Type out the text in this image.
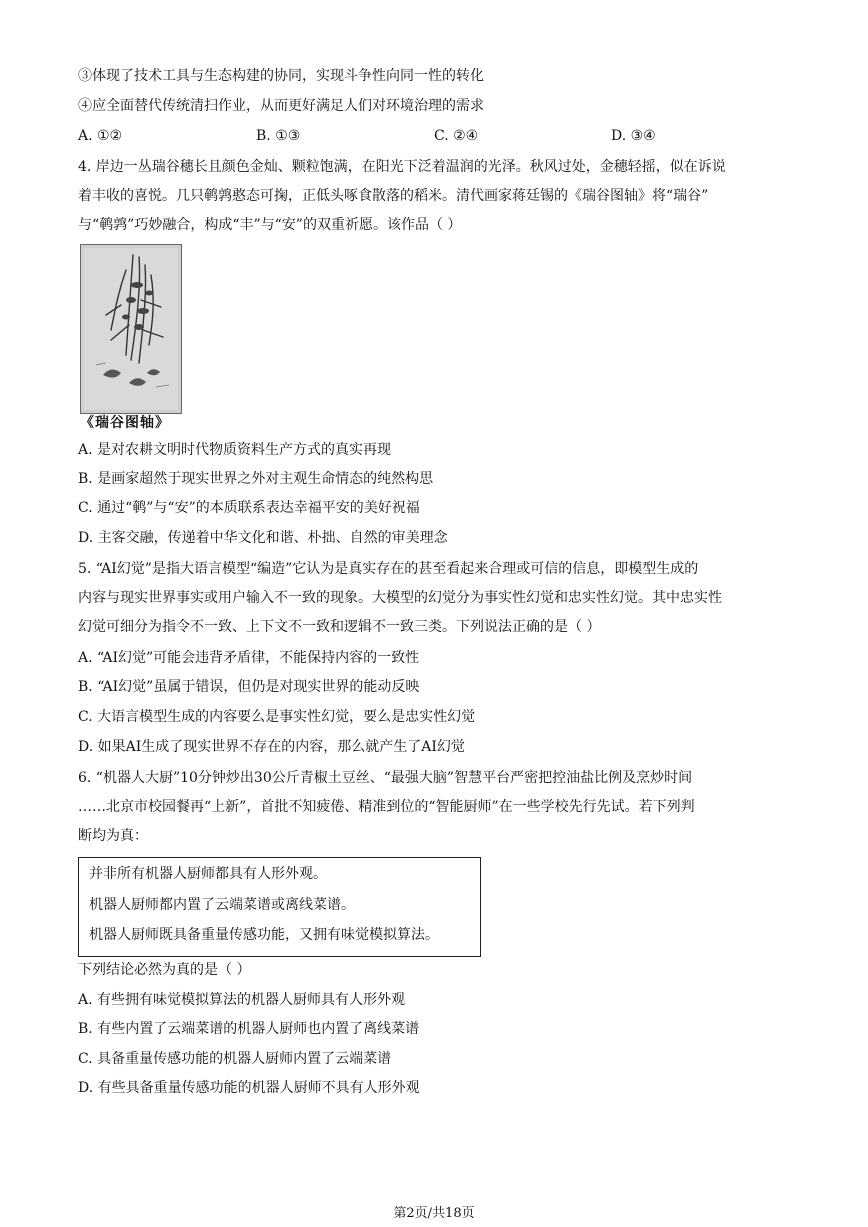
③体现了技术工具与生态构建的协同，实现斗争性向同一性的转化
④应全面替代传统清扫作业，从而更好满足人们对环境治理的需求
A. ①②	B. ①③	C. ②④	D. ③④
4. 岸边一丛瑞谷穗长且颜色金灿、颗粒饱满，在阳光下泛着温润的光泽。秋风过处，金穗轻摇，似在诉说
着丰收的喜悦。几只鹌鹑憨态可掬，正低头啄食散落的稻米。清代画家蒋廷锡的《瑞谷图轴》将“瑞谷”
与“鹌鹑”巧妙融合，构成“丰”与“安”的双重祈愿。该作品（ ）
《瑞谷图轴》
A. 是对农耕文明时代物质资料生产方式的真实再现
B. 是画家超然于现实世界之外对主观生命情态的纯然构思
C. 通过“鹌”与“安”的本质联系表达幸福平安的美好祝福
D. 主客交融，传递着中华文化和谐、朴拙、自然的审美理念
5. “AI幻觉”是指大语言模型“编造”它认为是真实存在的甚至看起来合理或可信的信息，即模型生成的
内容与现实世界事实或用户输入不一致的现象。大模型的幻觉分为事实性幻觉和忠实性幻觉。其中忠实性
幻觉可细分为指令不一致、上下文不一致和逻辑不一致三类。下列说法正确的是（ ）
A. “AI幻觉”可能会违背矛盾律，不能保持内容的一致性
B. “AI幻觉”虽属于错误，但仍是对现实世界的能动反映
C. 大语言模型生成的内容要么是事实性幻觉，要么是忠实性幻觉
D. 如果AI生成了现实世界不存在的内容，那么就产生了AI幻觉
6. “机器人大厨”10分钟炒出30公斤青椒土豆丝、“最强大脑”智慧平台严密把控油盐比例及烹炒时间
……北京市校园餐再“上新”，首批不知疲倦、精准到位的“智能厨师”在一些学校先行先试。若下列判
断均为真：
并非所有机器人厨师都具有人形外观。
机器人厨师都内置了云端菜谱或离线菜谱。
机器人厨师既具备重量传感功能，又拥有味觉模拟算法。
下列结论必然为真的是（ ）
A. 有些拥有味觉模拟算法的机器人厨师具有人形外观
B. 有些内置了云端菜谱的机器人厨师也内置了离线菜谱
C. 具备重量传感功能的机器人厨师内置了云端菜谱
D. 有些具备重量传感功能的机器人厨师不具有人形外观
第2页/共18页
